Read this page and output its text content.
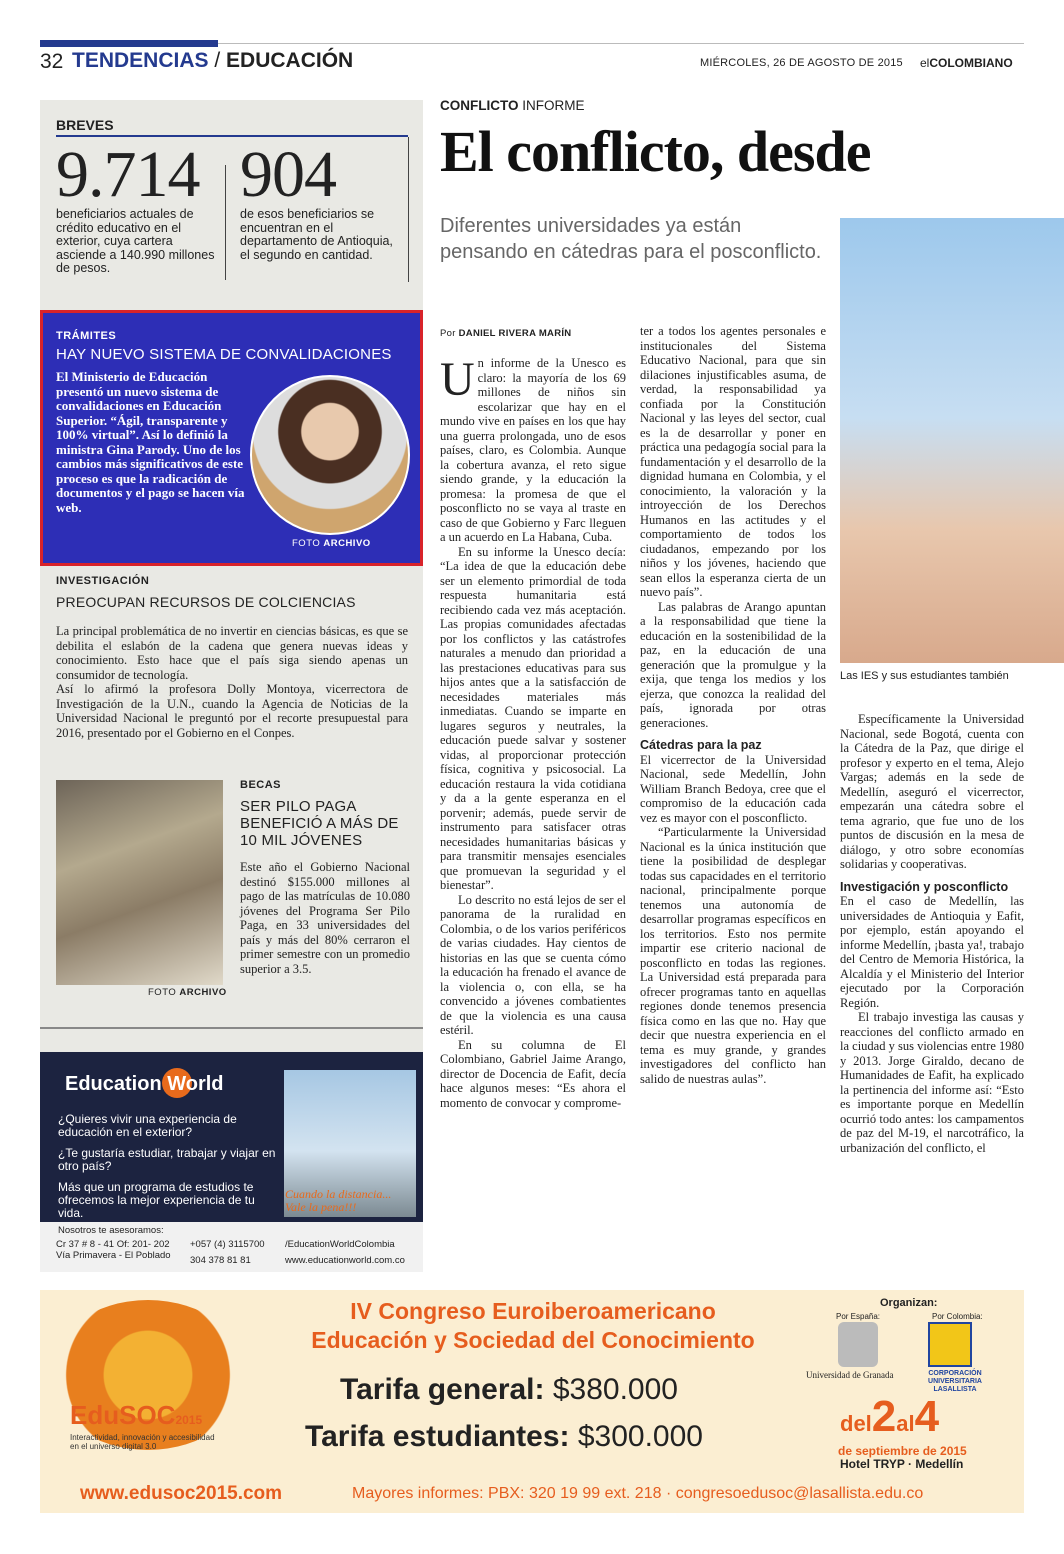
32 TENDENCIAS / EDUCACIÓN	MIÉRCOLES, 26 DE AGOSTO DE 2015 elCOLOMBIANO
BREVES
9.714 904
beneficiarios actuales de crédito educativo en el exterior, cuya cartera asciende a 140.990 millones de pesos.
de esos beneficiarios se encuentran en el departamento de Antioquia, el segundo en cantidad.
TRÁMITES
HAY NUEVO SISTEMA DE CONVALIDACIONES
El Ministerio de Educación presentó un nuevo sistema de convalidaciones en Educación Superior. “Ágil, transparente y 100% virtual”. Así lo definió la ministra Gina Parody. Uno de los cambios más significativos de este proceso es que la radicación de documentos y el pago se hacen vía web.
FOTO ARCHIVO
INVESTIGACIÓN
PREOCUPAN RECURSOS DE COLCIENCIAS

La principal problemática de no invertir en ciencias básicas, es que se debilita el eslabón de la cadena que genera nuevas ideas y conocimiento. Esto hace que el país siga siendo apenas un consumidor de tecnología.

Así lo afirmó la profesora Dolly Montoya, vicerrectora de Investigación de la U.N., cuando la Agencia de Noticias de la Universidad Nacional le preguntó por el recorte presupuestal para 2016, presentado por el Gobierno en el Conpes.

FOTO ARCHIVO
BECAS
SER PILO PAGA BENEFICIÓ A MÁS DE 10 MIL JÓVENES
Este año el Gobierno Nacional destinó $155.000 millones al pago de las matrículas de 10.080 jóvenes del Programa Ser Pilo Paga, en 33 universidades del país y más del 80% cerraron el primer semestre con un promedio superior a 3.5.
Education World

¿Quieres vivir una experiencia de educación en el exterior?

¿Te gustaría estudiar, trabajar y viajar en otro país?

Más que un programa de estudios te ofrecemos la mejor experiencia de tu vida.

Cuando la distancia... Vale la pena!!!
Nosotros te asesoramos:
Cr 37 # 8 - 41 Of: 201- 202 Vía Primavera - El Poblado
+057 (4) 3115700
304 378 81 81
/EducationWorldColombia
www.educationworld.com.co
CONFLICTO INFORME
El conflicto, desde
Diferentes universidades ya están pensando en cátedras para el posconflicto.
Por DANIEL RIVERA MARÍN

Un informe de la Unesco es claro: la mayoría de los 69 millones de niños sin escolarizar que hay en el mundo vive en países en los que hay una guerra prolongada, uno de esos países, claro, es Colombia. Aunque la cobertura avanza, el reto sigue siendo grande, y la educación la promesa: la promesa de que el posconflicto no se vaya al traste en caso de que Gobierno y Farc lleguen a un acuerdo en La Habana, Cuba.

En su informe la Unesco decía: “La idea de que la educación debe ser un elemento primordial de toda respuesta humanitaria está recibiendo cada vez más aceptación. Las propias comunidades afectadas por los conflictos y las catástrofes naturales a menudo dan prioridad a las prestaciones educativas para sus hijos antes que a la satisfacción de necesidades materiales más inmediatas. Cuando se imparte en lugares seguros y neutrales, la educación puede salvar y sostener vidas, al proporcionar protección física, cognitiva y psicosocial. La educación restaura la vida cotidiana y da a la gente esperanza en el porvenir; además, puede servir de instrumento para satisfacer otras necesidades humanitarias básicas y para transmitir mensajes esenciales que promuevan la seguridad y el bienestar”.

Lo descrito no está lejos de ser el panorama de la ruralidad en Colombia, o de los varios periféricos de varias ciudades. Hay cientos de historias en las que se cuenta cómo la educación ha frenado el avance de la violencia o, con ella, se ha convencido a jóvenes combatientes de que la violencia es una causa estéril.

En su columna de El Colombiano, Gabriel Jaime Arango, director de Docencia de Eafit, decía hace algunos meses: “Es ahora el momento de convocar y comprome-

ter a todos los agentes personales e institucionales del Sistema Educativo Nacional, para que sin dilaciones injustificables asuma, de verdad, la responsabilidad ya confiada por la Constitución Nacional y las leyes del sector, cual es la de desarrollar y poner en práctica una pedagogía social para la fundamentación y el desarrollo de la dignidad humana en Colombia, y el conocimiento, la valoración y la introyección de los Derechos Humanos en las actitudes y el comportamiento de todos los ciudadanos, empezando por los niños y los jóvenes, haciendo que sean ellos la esperanza cierta de un nuevo país”.

Las palabras de Arango apuntan a la responsabilidad que tiene la educación en la sostenibilidad de la paz, en la educación de una generación que la promulgue y la exija, que tenga los medios y los ejerza, que conozca la realidad del país, ignorada por otras generaciones.

Cátedras para la paz

El vicerrector de la Universidad Nacional, sede Medellín, John William Branch Bedoya, cree que el compromiso de la educación cada vez es mayor con el posconflicto.

“Particularmente la Universidad Nacional es la única institución que tiene la posibilidad de desplegar todas sus capacidades en el territorio nacional, principalmente porque tenemos una autonomía de desarrollar programas específicos en los territorios. Esto nos permite impartir ese criterio nacional de posconflicto en todas las regiones. La Universidad está preparada para ofrecer programas tanto en aquellas regiones donde tenemos presencia física como en las que no. Hay que decir que nuestra experiencia en el tema es muy grande, y grandes investigadores del conflicto han salido de nuestras aulas”.

Las IES y sus estudiantes también

Específicamente la Universidad Nacional, sede Bogotá, cuenta con la Cátedra de la Paz, que dirige el profesor y experto en el tema, Alejo Vargas; además en la sede de Medellín, aseguró el vicerrector, empezarán una cátedra sobre el tema agrario, que fue uno de los puntos de discusión en la mesa de diálogo, y otro sobre economías solidarias y cooperativas.

Investigación y posconflicto

En el caso de Medellín, las universidades de Antioquia y Eafit, por ejemplo, están apoyando el informe Medellín, ¡basta ya!, trabajo del Centro de Memoria Histórica, la Alcaldía y el Ministerio del Interior ejecutado por la Corporación Región.

El trabajo investiga las causas y reacciones del conflicto armado en la ciudad y sus violencias entre 1980 y 2013. Jorge Giraldo, decano de Humanidades de Eafit, ha explicado la pertinencia del informe así: “Esto es importante porque en Medellín ocurrió todo antes: los campamentos de paz del M-19, el narcotráfico, la urbanización del conflicto, el

EduSOC2015
Interactividad, innovación y accesibilidad en el universo digital 3.0
IV Congreso Euroiberoamericano
Educación y Sociedad del Conocimiento
Tarifa general: $380.000
Tarifa estudiantes: $300.000
www.edusoc2015.com	Mayores informes: PBX: 320 19 99 ext. 218 · congresoedusoc@lasallista.edu.co
Organizan:
Por España:	Por Colombia:
Universidad de Granada	CORPORACIÓN UNIVERSITARIA LASALLISTA
del2al4
de septiembre de 2015
Hotel TRYP · Medellín
